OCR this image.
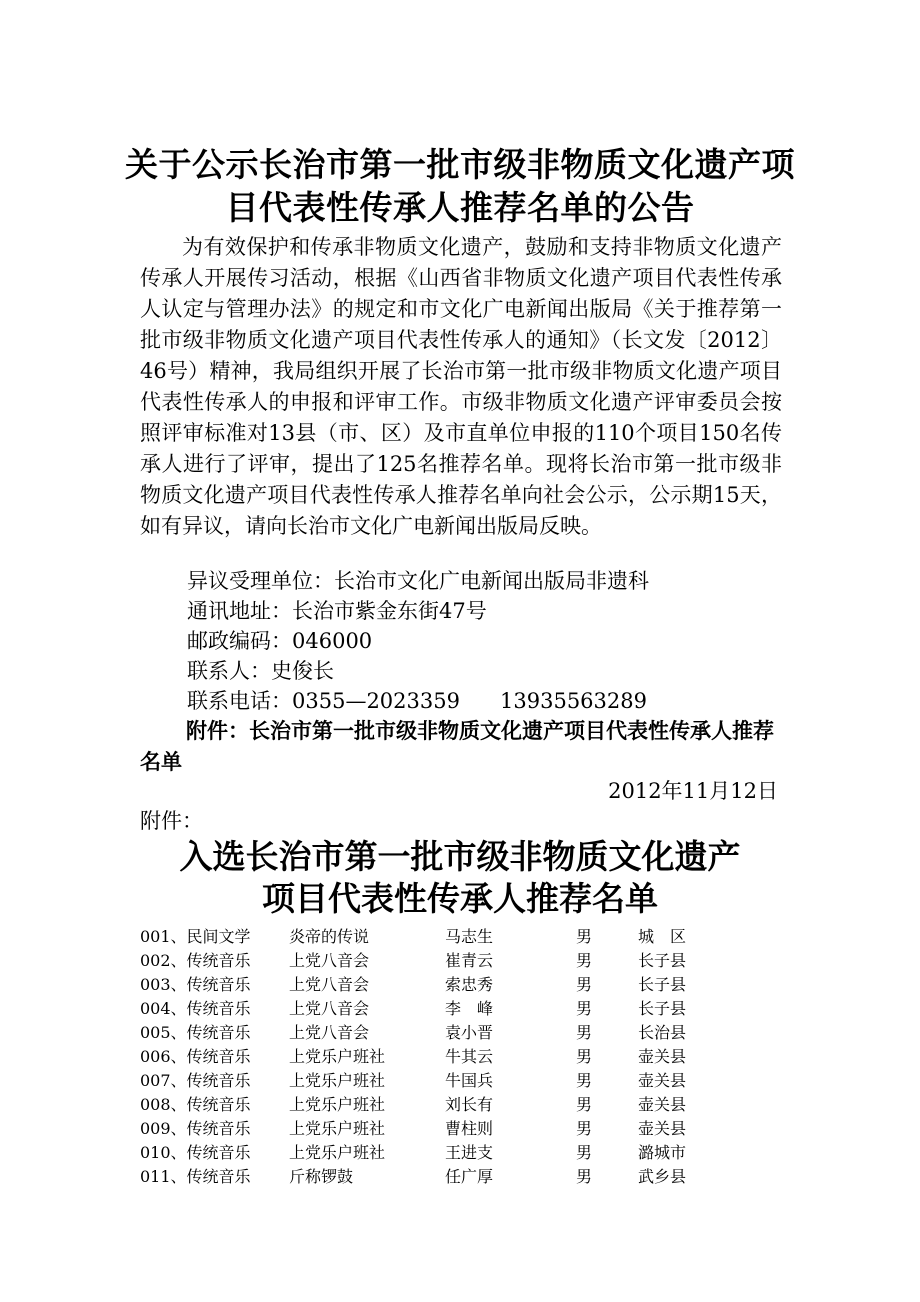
关于公示长治市第一批市级非物质文化遗产项
目代表性传承人推荐名单的公告

为有效保护和传承非物质文化遗产，鼓励和支持非物质文化遗产传承人开展传习活动，根据《山西省非物质文化遗产项目代表性传承人认定与管理办法》的规定和市文化广电新闻出版局《关于推荐第一批市级非物质文化遗产项目代表性传承人的通知》（长文发〔2012〕46号）精神，我局组织开展了长治市第一批市级非物质文化遗产项目代表性传承人的申报和评审工作。市级非物质文化遗产评审委员会按照评审标准对13县（市、区）及市直单位申报的110个项目150名传承人进行了评审，提出了125名推荐名单。现将长治市第一批市级非物质文化遗产项目代表性传承人推荐名单向社会公示，公示期15天，如有异议，请向长治市文化广电新闻出版局反映。

异议受理单位：长治市文化广电新闻出版局非遗科
通讯地址：长治市紫金东街47号
邮政编码：046000
联系人：史俊长
联系电话：0355—2023359      13935563289

附件：长治市第一批市级非物质文化遗产项目代表性传承人推荐名单

2012年11月12日
附件：
入选长治市第一批市级非物质文化遗产
项目代表性传承人推荐名单
001、民间文学 炎帝的传说	马志生	男	城　区
002、传统音乐 上党八音会	崔青云	男	长子县
003、传统音乐 上党八音会	索忠秀	男	长子县
004、传统音乐 上党八音会	李　峰	男	长子县
005、传统音乐 上党八音会	袁小晋	男	长治县
006、传统音乐 上党乐户班社	牛其云	男	壶关县
007、传统音乐 上党乐户班社	牛国兵	男	壶关县
008、传统音乐 上党乐户班社	刘长有	男	壶关县
009、传统音乐 上党乐户班社	曹柱则	男	壶关县
010、传统音乐 上党乐户班社	王进支	男	潞城市
011、传统音乐 斤称锣鼓	任广厚	男	武乡县
